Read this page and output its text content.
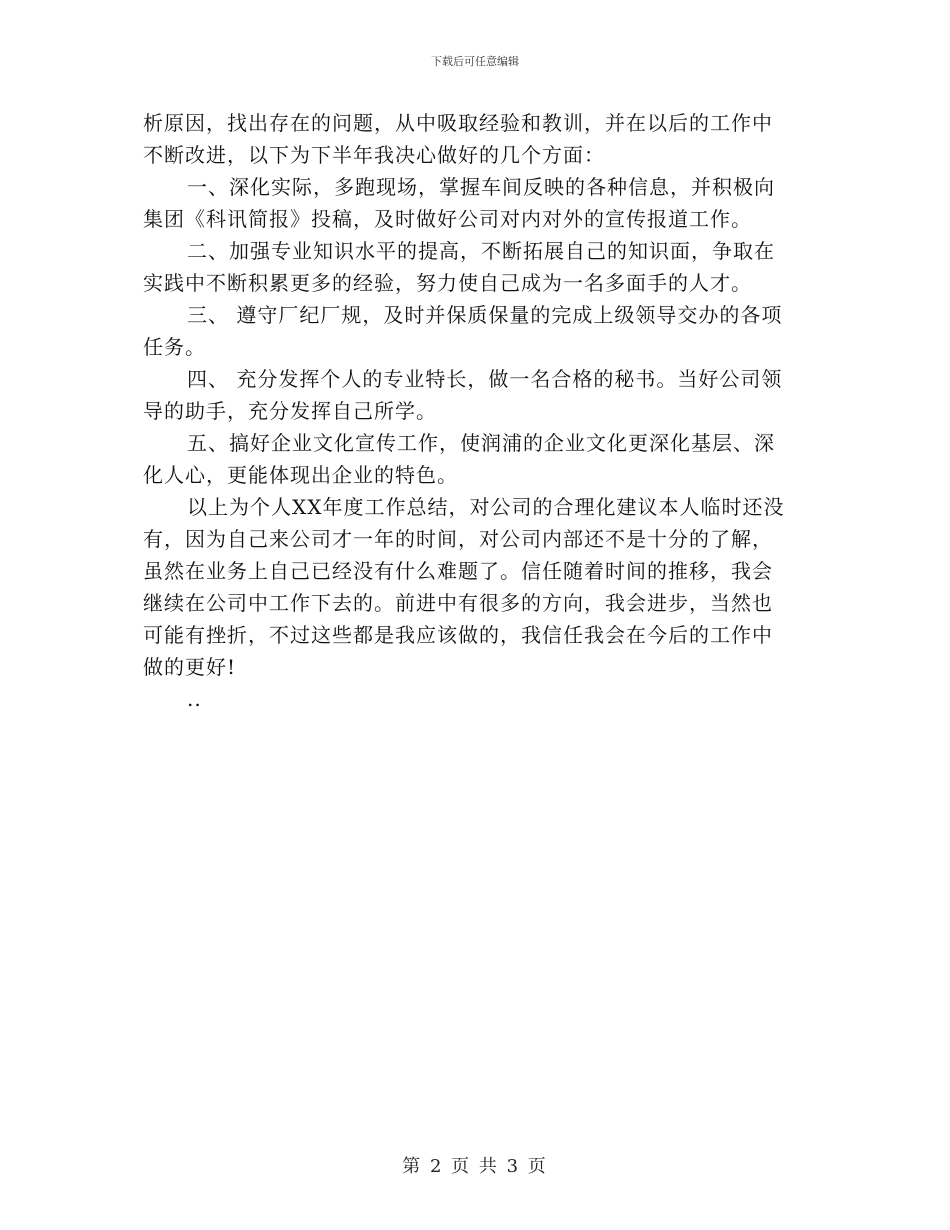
下载后可任意编辑
析原因，找出存在的问题，从中吸取经验和教训，并在以后的工作中
不断改进，以下为下半年我决心做好的几个方面：
一、深化实际，多跑现场，掌握车间反映的各种信息，并积极向
集团《科讯简报》投稿，及时做好公司对内对外的宣传报道工作。
二、加强专业知识水平的提高，不断拓展自己的知识面，争取在
实践中不断积累更多的经验，努力使自己成为一名多面手的人才。
三、 遵守厂纪厂规，及时并保质保量的完成上级领导交办的各项
任务。
四、 充分发挥个人的专业特长，做一名合格的秘书。当好公司领
导的助手，充分发挥自己所学。
五、搞好企业文化宣传工作，使润浦的企业文化更深化基层、深
化人心，更能体现出企业的特色。
以上为个人XX年度工作总结，对公司的合理化建议本人临时还没
有，因为自己来公司才一年的时间，对公司内部还不是十分的了解，
虽然在业务上自己已经没有什么难题了。信任随着时间的推移，我会
继续在公司中工作下去的。前进中有很多的方向，我会进步，当然也
可能有挫折，不过这些都是我应该做的，我信任我会在今后的工作中
做的更好!
..
第 2 页 共 3 页
